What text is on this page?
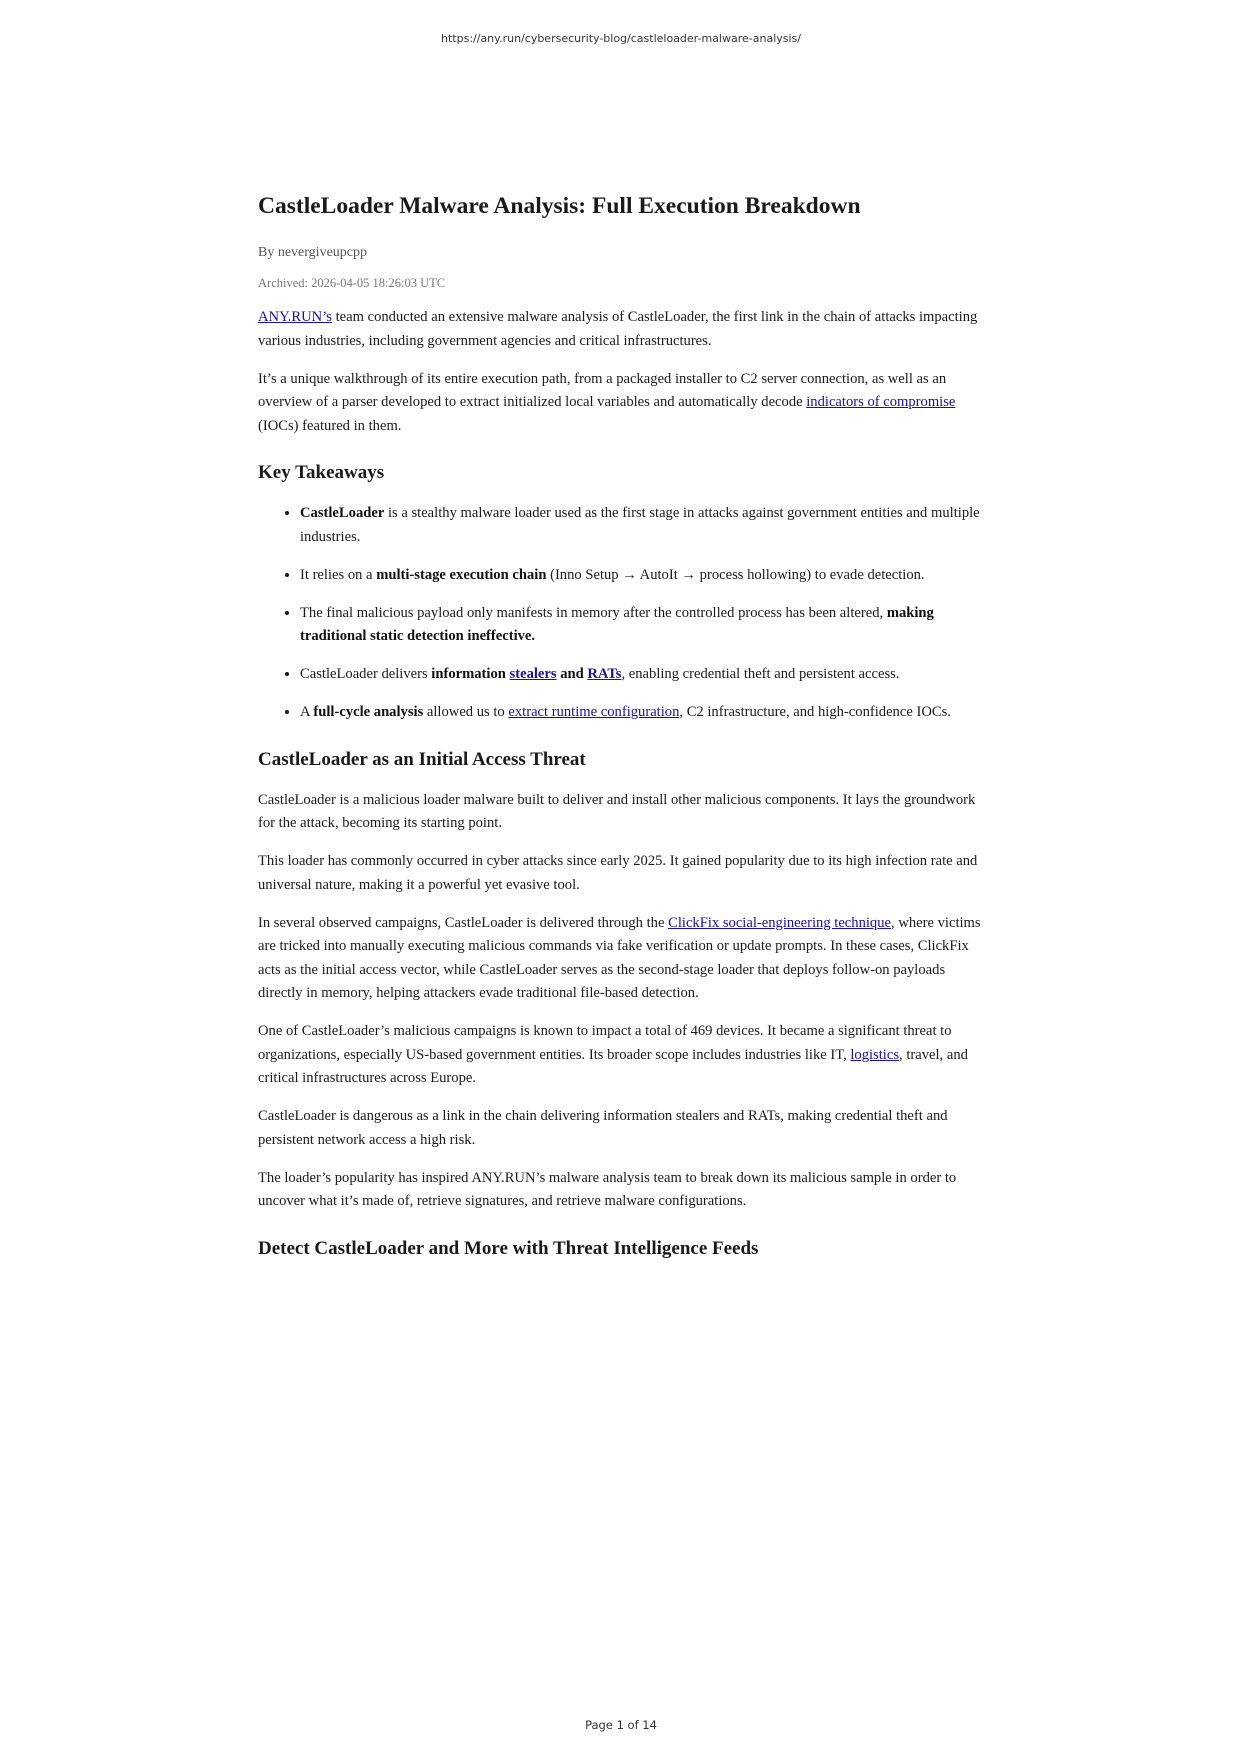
https://any.run/cybersecurity-blog/castleloader-malware-analysis/
CastleLoader Malware Analysis: Full Execution Breakdown
By nevergiveupcpp
Archived: 2026-04-05 18:26:03 UTC

ANY.RUN’s team conducted an extensive malware analysis of CastleLoader, the first link in the chain of attacks impacting various industries, including government agencies and critical infrastructures.

It’s a unique walkthrough of its entire execution path, from a packaged installer to C2 server connection, as well as an overview of a parser developed to extract initialized local variables and automatically decode indicators of compromise (IOCs) featured in them.

Key Takeaways
• CastleLoader is a stealthy malware loader used as the first stage in attacks against government entities and multiple industries.
• It relies on a multi-stage execution chain (Inno Setup → AutoIt → process hollowing) to evade detection.
• The final malicious payload only manifests in memory after the controlled process has been altered, making traditional static detection ineffective.
• CastleLoader delivers information stealers and RATs, enabling credential theft and persistent access.
• A full-cycle analysis allowed us to extract runtime configuration, C2 infrastructure, and high-confidence IOCs.
CastleLoader as an Initial Access Threat

CastleLoader is a malicious loader malware built to deliver and install other malicious components. It lays the groundwork for the attack, becoming its starting point.

This loader has commonly occurred in cyber attacks since early 2025. It gained popularity due to its high infection rate and universal nature, making it a powerful yet evasive tool.

In several observed campaigns, CastleLoader is delivered through the ClickFix social-engineering technique, where victims are tricked into manually executing malicious commands via fake verification or update prompts. In these cases, ClickFix acts as the initial access vector, while CastleLoader serves as the second-stage loader that deploys follow-on payloads directly in memory, helping attackers evade traditional file-based detection.

One of CastleLoader’s malicious campaigns is known to impact a total of 469 devices. It became a significant threat to organizations, especially US-based government entities. Its broader scope includes industries like IT, logistics, travel, and critical infrastructures across Europe.

CastleLoader is dangerous as a link in the chain delivering information stealers and RATs, making credential theft and persistent network access a high risk.

The loader’s popularity has inspired ANY.RUN’s malware analysis team to break down its malicious sample in order to uncover what it’s made of, retrieve signatures, and retrieve malware configurations.

Detect CastleLoader and More with Threat Intelligence Feeds
Page 1 of 14
